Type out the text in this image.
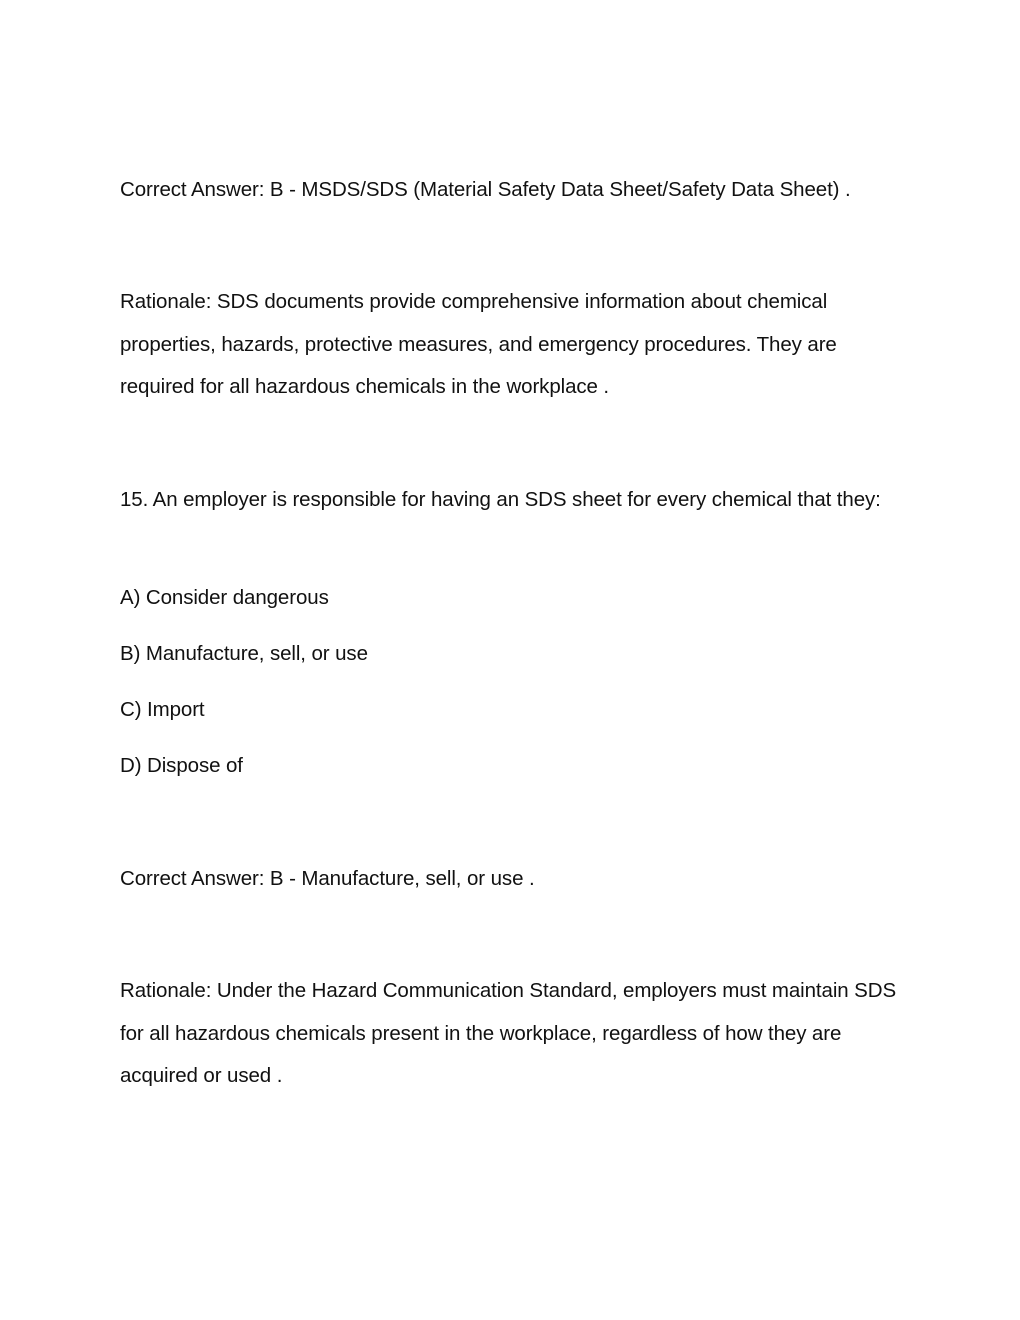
Correct Answer: B - MSDS/SDS (Material Safety Data Sheet/Safety Data Sheet) .

Rationale: SDS documents provide comprehensive information about chemical properties, hazards, protective measures, and emergency procedures. They are required for all hazardous chemicals in the workplace .

15. An employer is responsible for having an SDS sheet for every chemical that they:

A) Consider dangerous

B) Manufacture, sell, or use

C) Import

D) Dispose of

Correct Answer: B - Manufacture, sell, or use .

Rationale: Under the Hazard Communication Standard, employers must maintain SDS for all hazardous chemicals present in the workplace, regardless of how they are acquired or used .
